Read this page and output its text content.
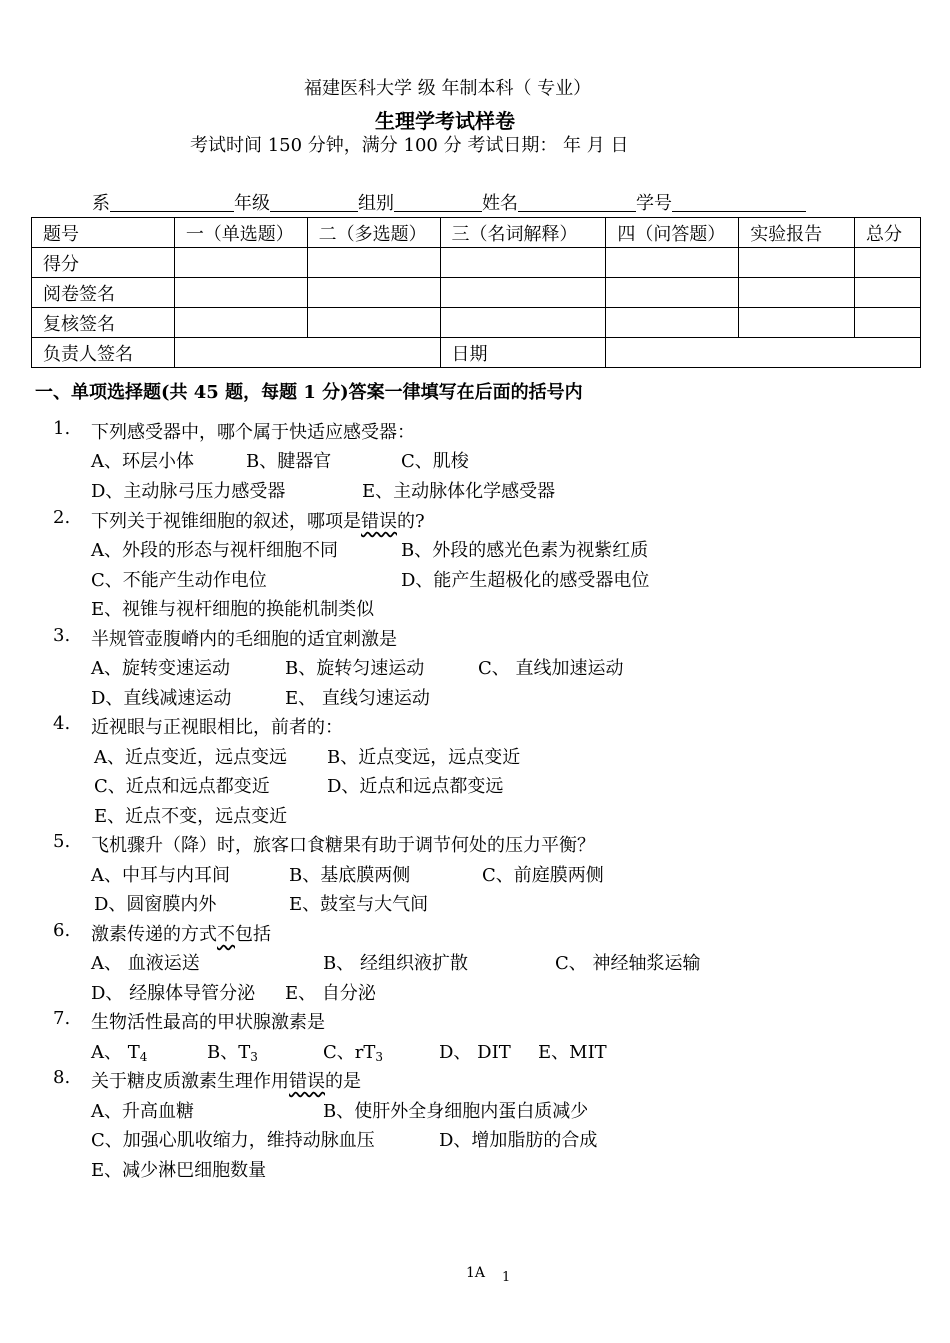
福建医科大学 级 年制本科（ 专业）
生理学考试样卷
考试时间 150 分钟，满分 100 分 考试日期： 年 月 日
系	年级	组别	姓名	学号
题号	一（单选题）	二（多选题）	三（名词解释）	四（问答题）	实验报告	总分
得分						
阅卷签名						
复核签名						
负责人签名			日期			
一、单项选择题(共 45 题，每题 1 分)答案一律填写在后面的括号内
1. 下列感受器中，哪个属于快适应感受器：
A、环层小体	B、腱器官	C、肌梭
D、主动脉弓压力感受器	E、主动脉体化学感受器
2. 下列关于视锥细胞的叙述，哪项是错误的?
A、外段的形态与视杆细胞不同	B、外段的感光色素为视紫红质
C、不能产生动作电位	D、能产生超极化的感受器电位
E、视锥与视杆细胞的换能机制类似
3. 半规管壶腹嵴内的毛细胞的适宜刺激是
A、旋转变速运动	B、旋转匀速运动	C、 直线加速运动
D、直线减速运动	E、 直线匀速运动
4. 近视眼与正视眼相比，前者的：
A、近点变近，远点变远 B、近点变远，远点变近
C、近点和远点都变近	D、近点和远点都变远
E、近点不变，远点变近
5. 飞机骤升（降）时，旅客口食糖果有助于调节何处的压力平衡？
A、中耳与内耳间	B、基底膜两侧	C、前庭膜两侧
D、圆窗膜内外	E、鼓室与大气间
6. 激素传递的方式不包括
A、 血液运送	B、 经组织液扩散	C、 神经轴浆运输
D、 经腺体导管分泌 E、 自分泌
7. 生物活性最高的甲状腺激素是
A、 $T_4$	B、$T_3$	C、$rT_3$	D、 DIT E、MIT
8. 关于糖皮质激素生理作用错误的是
A、升高血糖	B、使肝外全身细胞内蛋白质减少
C、加强心肌收缩力，维持动脉血压	D、增加脂肪的合成
E、减少淋巴细胞数量
1A 1
